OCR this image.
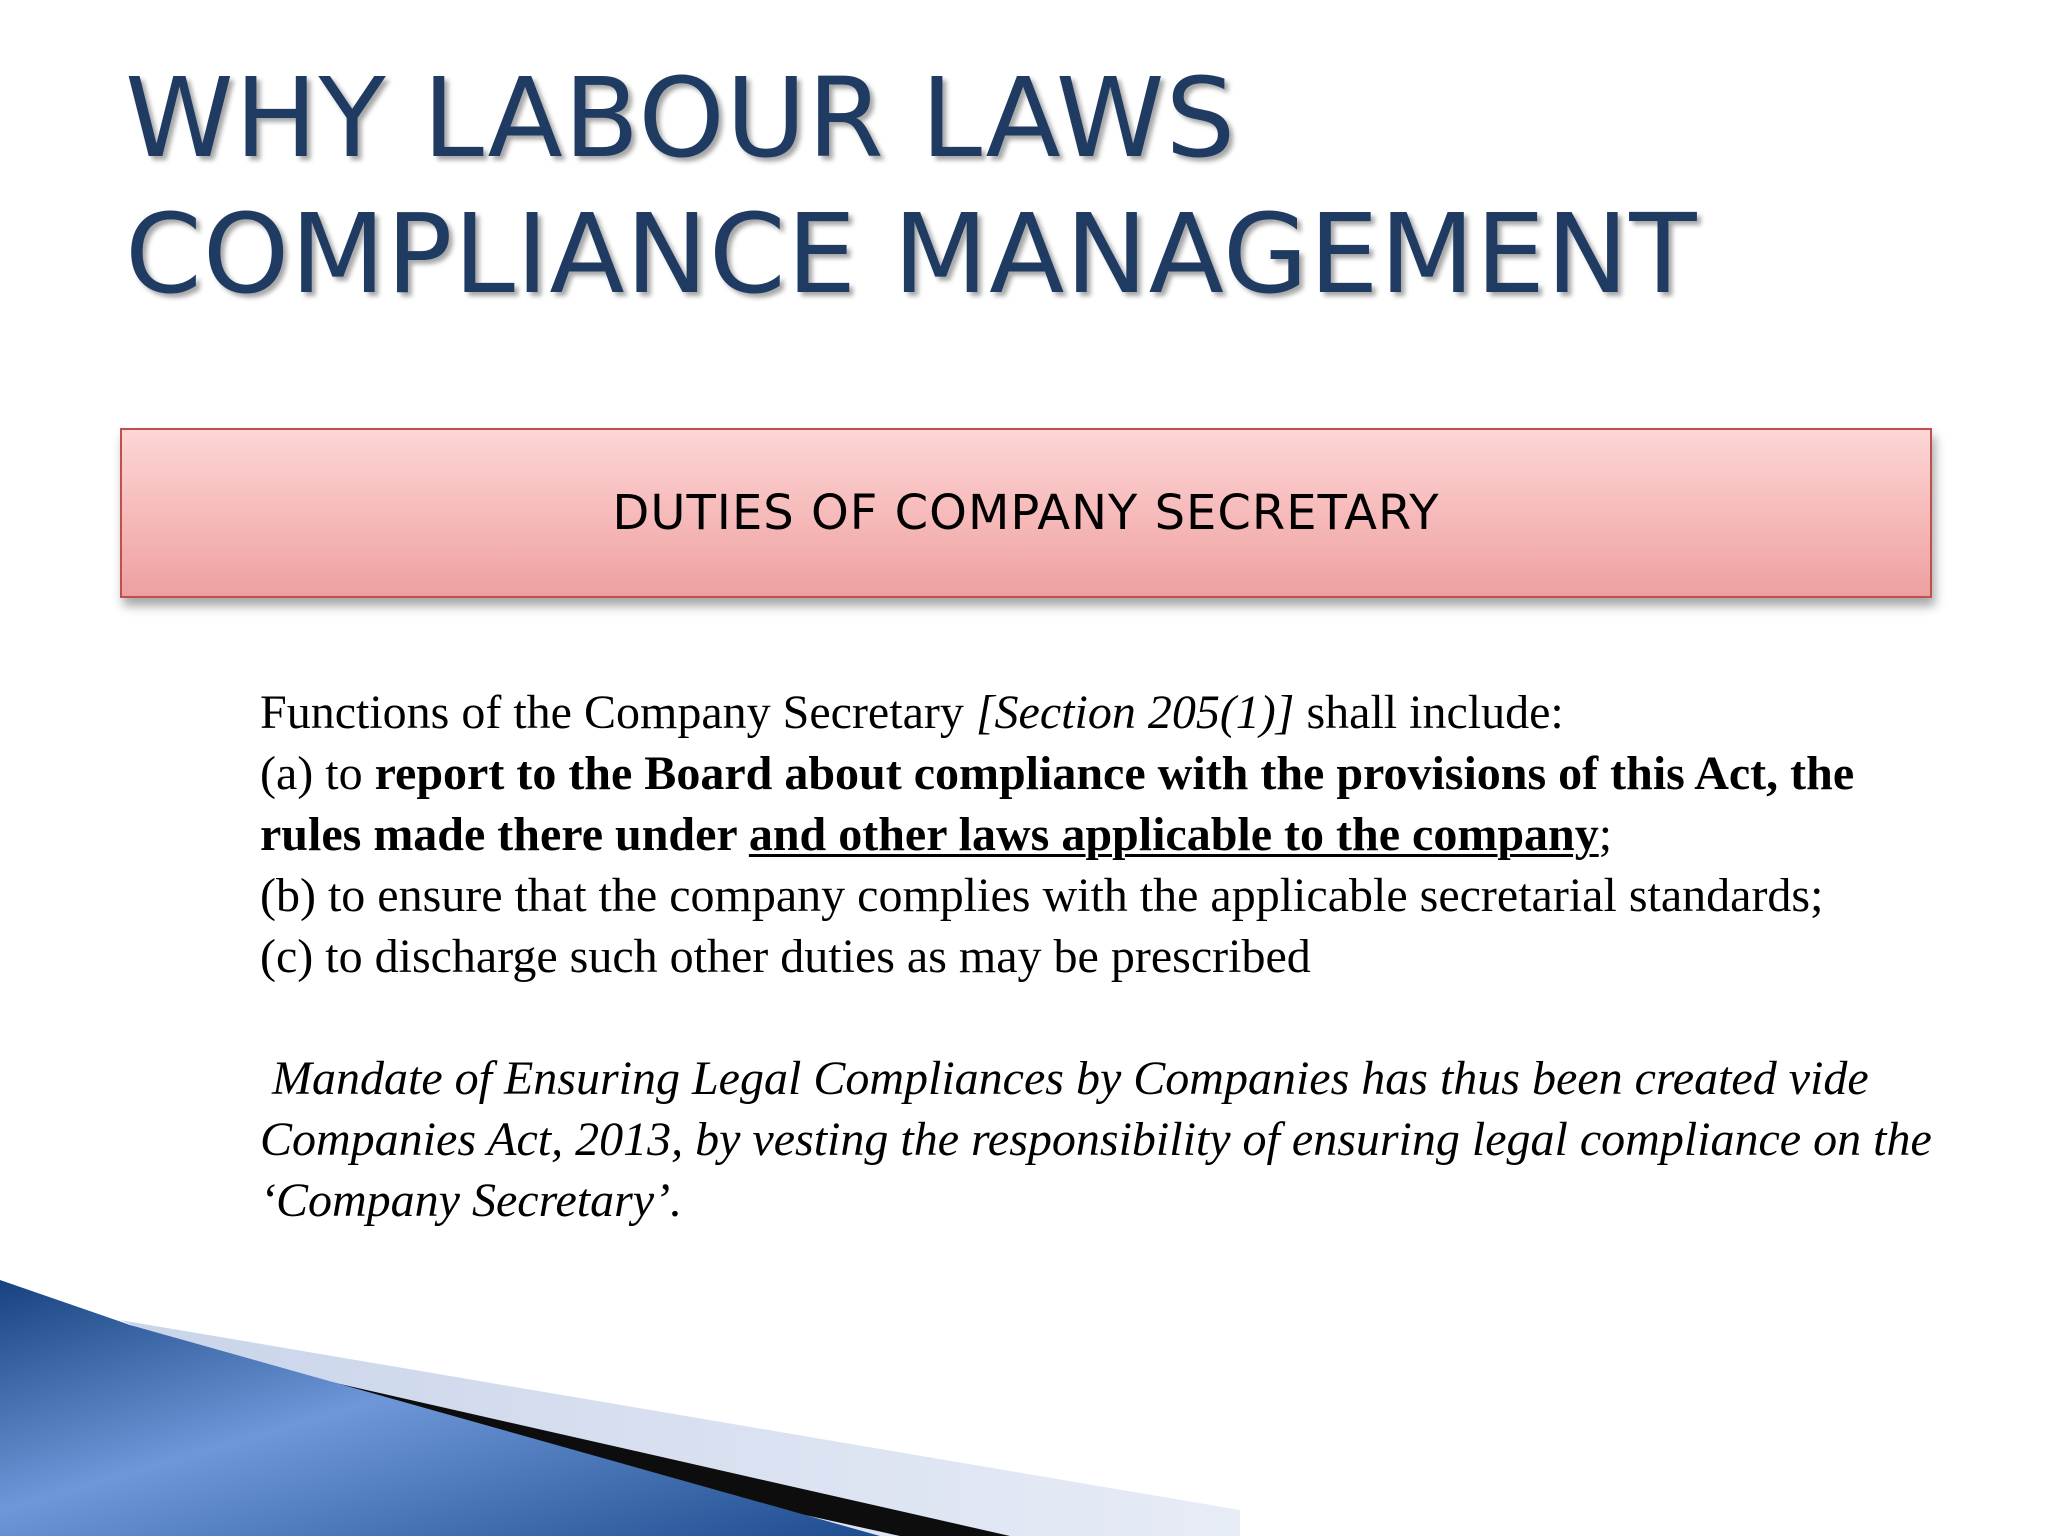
WHY LABOUR LAWS
COMPLIANCE MANAGEMENT
DUTIES OF COMPANY SECRETARY

Functions of the Company Secretary [Section 205(1)] shall include:

(a) to report to the Board about compliance with the provisions of this Act, the rules made there under and other laws applicable to the company;

(b) to ensure that the company complies with the applicable secretarial standards;

(c) to discharge such other duties as may be prescribed

Mandate of Ensuring Legal Compliances by Companies has thus been created vide Companies Act, 2013, by vesting the responsibility of ensuring legal compliance on the ‘Company Secretary’.
